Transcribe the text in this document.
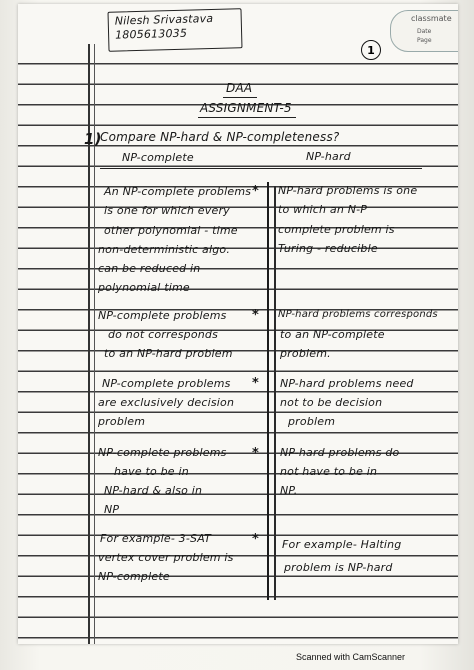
Nilesh Srivastava
1805613035
classmate
Date
Page
1
DAA
ASSIGNMENT-5
1)
Compare NP-hard & NP-completeness?
NP-complete	NP-hard
An NP-complete problems
is one for which every
other polynomial - time
non-deterministic algo.
can be reduced in
polynomial time
* NP-hard problems is one
to which an N-P
complete problem is
Turing - reducible
NP-complete problems
do not corresponds
to an NP-hard problem
* NP-hard problems corresponds
to an NP-complete
problem.
NP-complete problems
are exclusively decision
problem
* NP-hard problems need
not to be decision
problem
NP-complete problems
have to be in
NP-hard & also in
NP
* NP-hard problems do
not have to be in
NP.
For example- 3-SAT
vertex cover problem is
NP-complete
* For example- Halting
problem is NP-hard
Scanned with CamScanner
